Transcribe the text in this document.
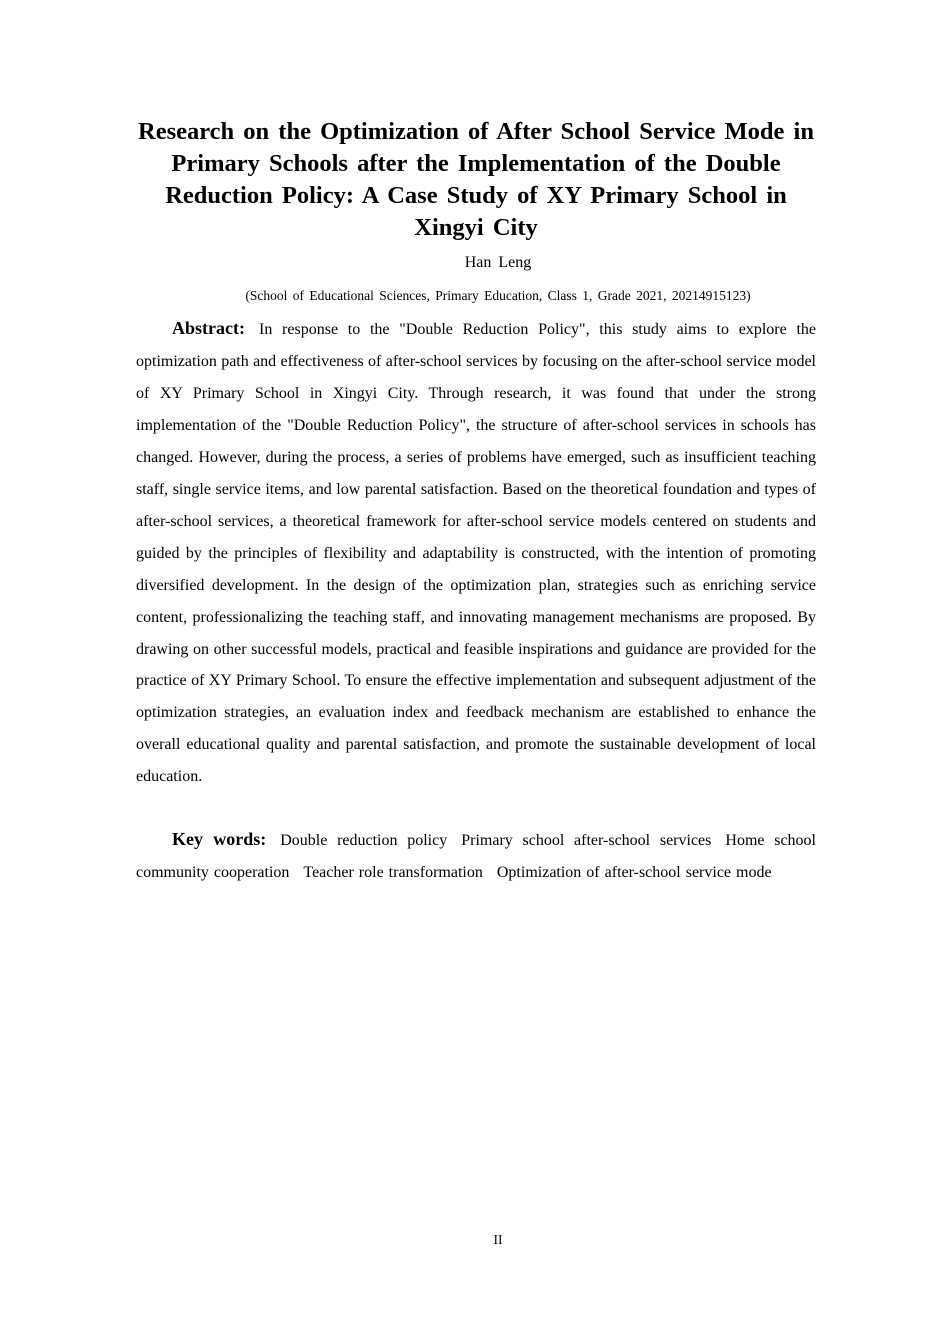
Research on the Optimization of After School Service Mode in Primary Schools after the Implementation of the Double Reduction Policy: A Case Study of XY Primary School in Xingyi City
Han Leng
(School of Educational Sciences, Primary Education, Class 1, Grade 2021, 20214915123)

Abstract: In response to the "Double Reduction Policy", this study aims to explore the optimization path and effectiveness of after-school services by focusing on the after-school service model of XY Primary School in Xingyi City. Through research, it was found that under the strong implementation of the "Double Reduction Policy", the structure of after-school services in schools has changed. However, during the process, a series of problems have emerged, such as insufficient teaching staff, single service items, and low parental satisfaction. Based on the theoretical foundation and types of after-school services, a theoretical framework for after-school service models centered on students and guided by the principles of flexibility and adaptability is constructed, with the intention of promoting diversified development. In the design of the optimization plan, strategies such as enriching service content, professionalizing the teaching staff, and innovating management mechanisms are proposed. By drawing on other successful models, practical and feasible inspirations and guidance are provided for the practice of XY Primary School. To ensure the effective implementation and subsequent adjustment of the optimization strategies, an evaluation index and feedback mechanism are established to enhance the overall educational quality and parental satisfaction, and promote the sustainable development of local education.

Key words: Double reduction policy Primary school after-school services Home school community cooperation Teacher role transformation Optimization of after-school service mode

II
